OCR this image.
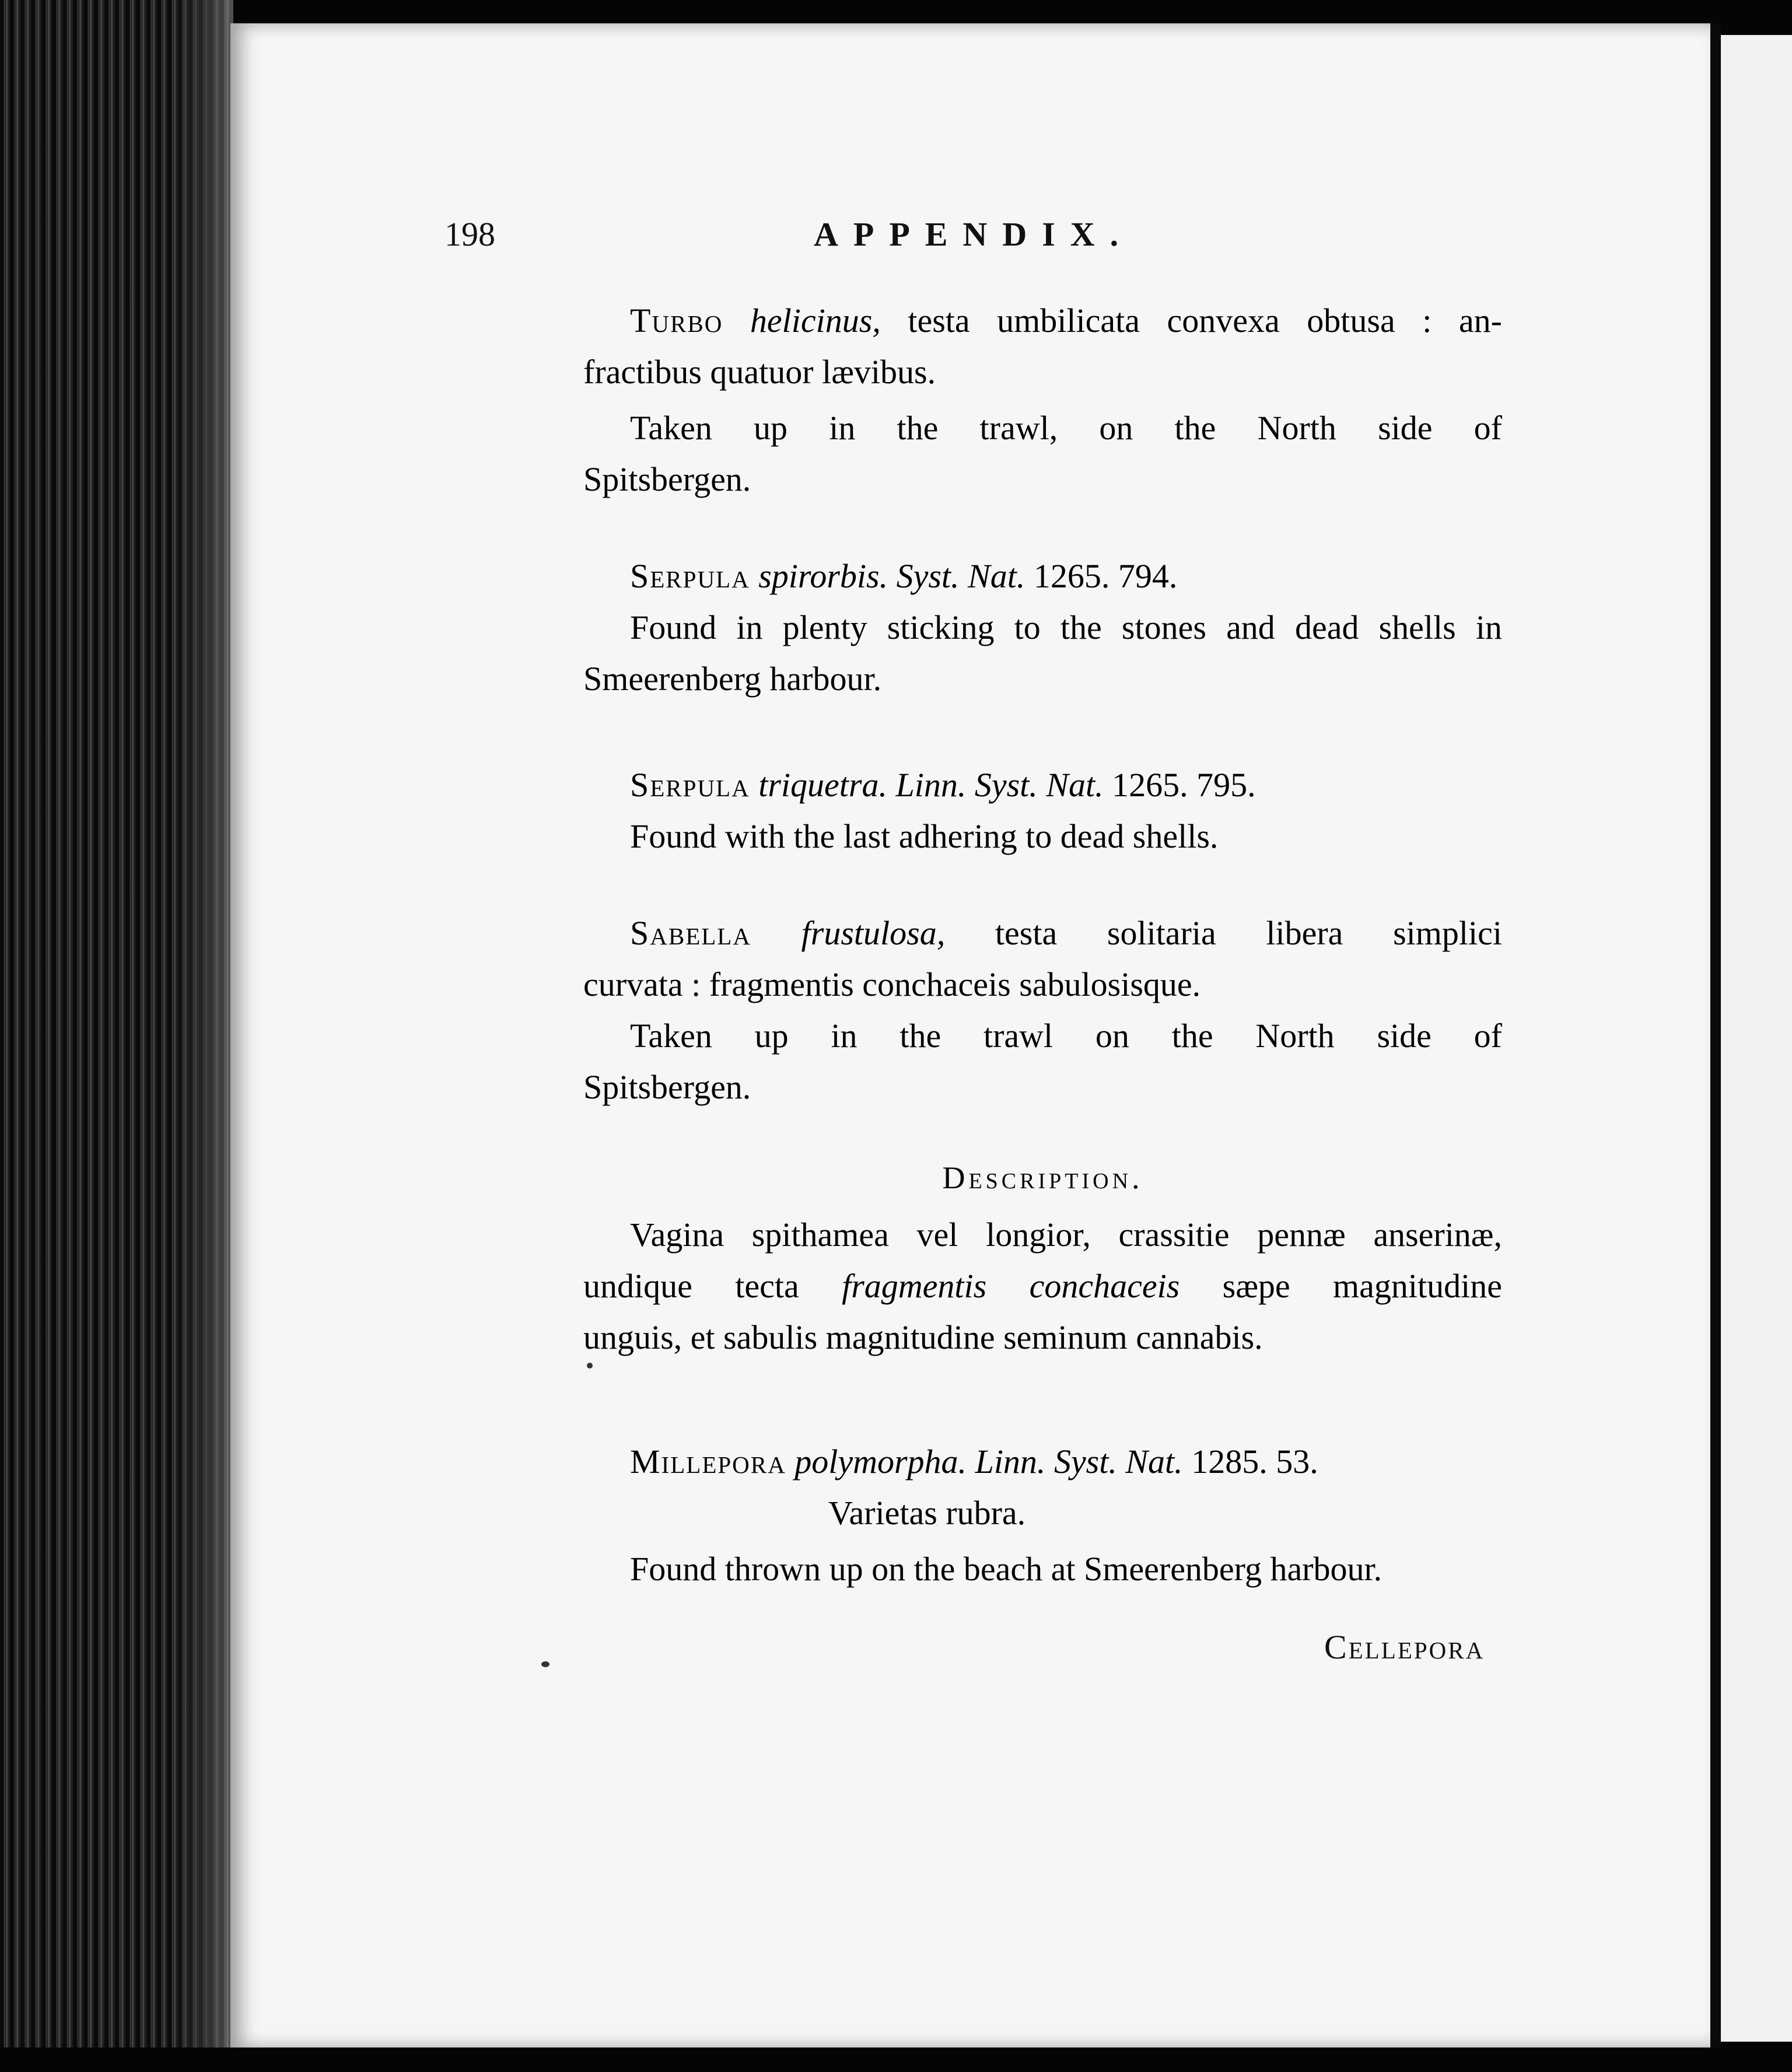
198	APPENDIX.
Turbo helicinus, testa umbilicata convexa obtusa : an-
fractibus quatuor lævibus.
Taken up in the trawl, on the North side of
Spitsbergen.
Serpula spirorbis. Syst. Nat. 1265. 794.
Found in plenty sticking to the stones and dead shells in
Smeerenberg harbour.
Serpula triquetra. Linn. Syst. Nat. 1265. 795.
Found with the last adhering to dead shells.
Sabella frustulosa, testa solitaria libera simplici
curvata : fragmentis conchaceis sabulosisque.
Taken up in the trawl on the North side of
Spitsbergen.
Description.
Vagina spithamea vel longior, crassitie pennæ anserinæ,
undique tecta fragmentis conchaceis sæpe magnitudine
unguis, et sabulis magnitudine seminum cannabis.
Millepora polymorpha. Linn. Syst. Nat. 1285. 53.
Varietas rubra.
Found thrown up on the beach at Smeerenberg harbour.
Cellepora
